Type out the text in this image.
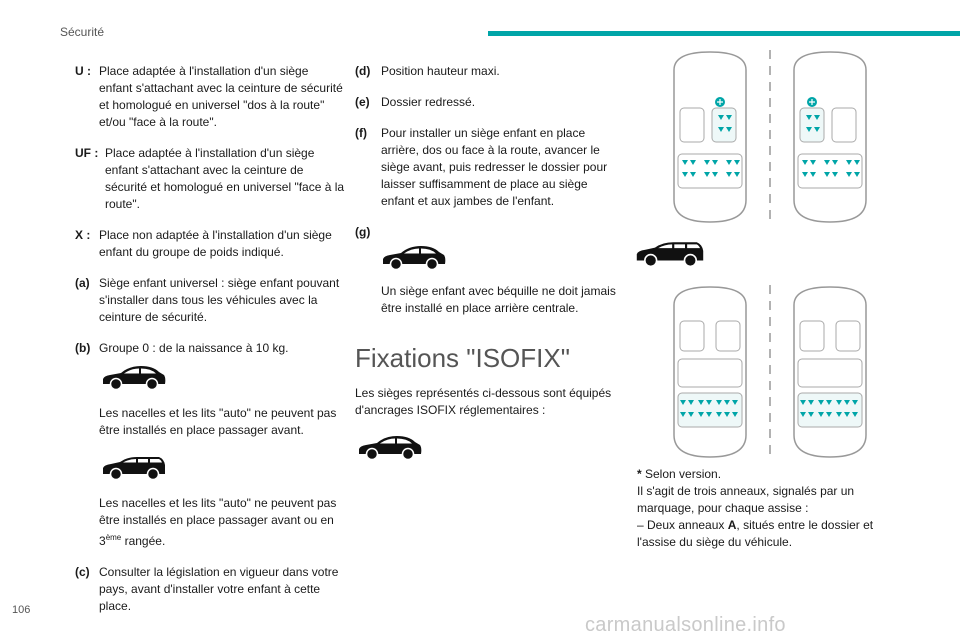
Sécurité
U : Place adaptée à l'installation d'un siège enfant s'attachant avec la ceinture de sécurité et homologué en universel "dos à la route" et/ou "face à la route".
UF : Place adaptée à l'installation d'un siège enfant s'attachant avec la ceinture de sécurité et homologué en universel "face à la route".
X : Place non adaptée à l'installation d'un siège enfant du groupe de poids indiqué.
(a) Siège enfant universel : siège enfant pouvant s'installer dans tous les véhicules avec la ceinture de sécurité.
(b) Groupe 0 : de la naissance à 10 kg.
Les nacelles et les lits "auto" ne peuvent pas être installés en place passager avant.
Les nacelles et les lits "auto" ne peuvent pas être installés en place passager avant ou en 3ème rangée.
(c) Consulter la législation en vigueur dans votre pays, avant d'installer votre enfant à cette place.
(d) Position hauteur maxi.
(e) Dossier redressé.
(f)	Pour installer un siège enfant en place arrière, dos ou face à la route, avancer le siège avant, puis redresser le dossier pour laisser suffisamment de place au siège enfant et aux jambes de l'enfant.
(g)
Un siège enfant avec béquille ne doit jamais être installé en place arrière centrale.
Fixations "ISOFIX"
Les sièges représentés ci-dessous sont équipés d'ancrages ISOFIX réglementaires :
* Selon version.
Il s'agit de trois anneaux, signalés par un marquage, pour chaque assise :
– Deux anneaux A, situés entre le dossier et l'assise du siège du véhicule.
106
carmanualsonline.info
